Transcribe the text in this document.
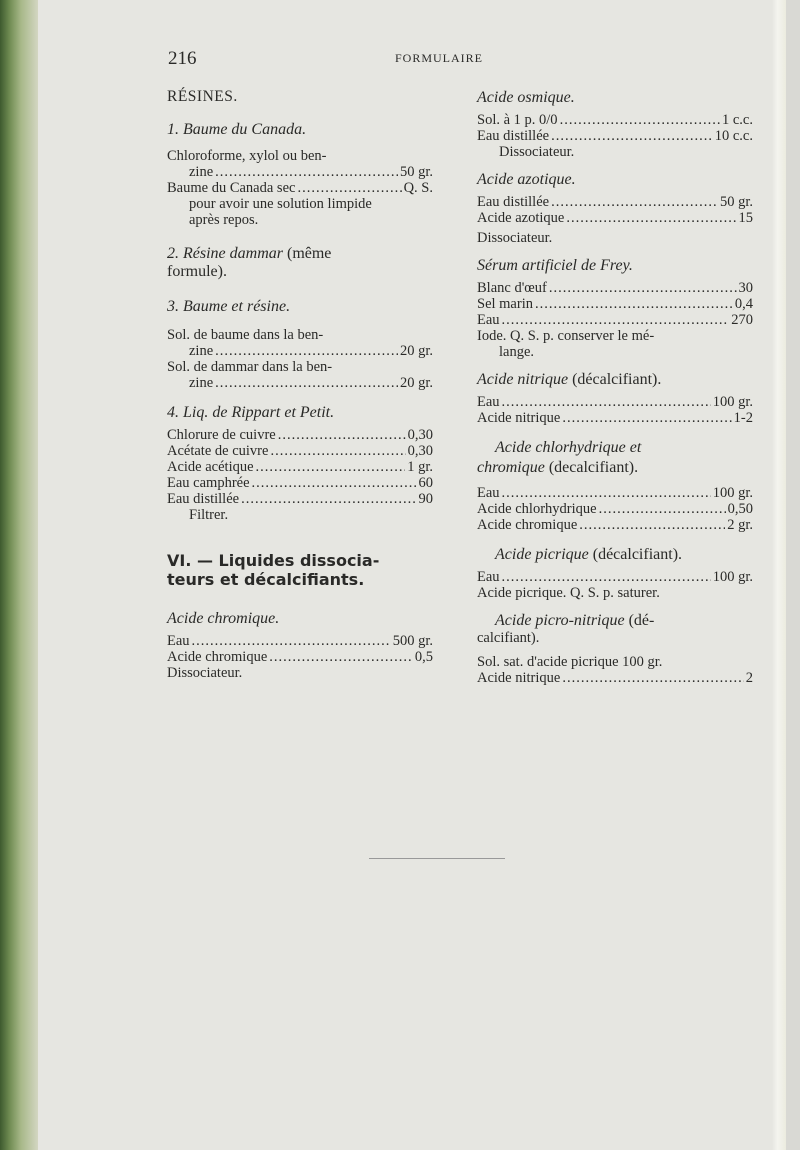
216	FORMULAIRE

RÉSINES.

1. Baume du Canada.

Chloroforme, xylol ou ben-

zine .....	50 gr.
Baume du Canada sec .....	Q. S.

pour avoir une solution limpide

après repos.

2. Résine dammar (même

formule).

3. Baume et résine.

Sol. de baume dans la ben-

zine .....	20 gr.

Sol. de dammar dans la ben-

zine .....	20 gr.

4. Liq. de Rippart et Petit.

Chlorure de cuivre .....	0,30
Acétate de cuivre .....	0,30
Acide acétique .....	1 gr.
Eau camphrée .....	60
Eau distillée .....	90

Filtrer.

VI. — Liquides dissocia-

teurs et décalcifiants.

Acide chromique.

Eau .....	500 gr.
Acide chromique .....	0,5

Dissociateur.

Acide osmique.

Sol. à 1 p. 0/0 .....	1 c.c.
Eau distillée .....	10 c.c.

Dissociateur.

Acide azotique.

Eau distillée .....	50 gr.
Acide azotique .....	15

Dissociateur.

Sérum artificiel de Frey.

Blanc d'œuf .....	30
Sel marin .....	0,4
Eau .....	270

Iode. Q. S. p. conserver le mé-

lange.

Acide nitrique (décalcifiant).

Eau .....	100 gr.
Acide nitrique .....	1-2

Acide chlorhydrique et

chromique (decalcifiant).

Eau .....	100 gr.
Acide chlorhydrique .....	0,50
Acide chromique .....	2 gr.

Acide picrique (décalcifiant).

Eau .....	100 gr.

Acide picrique. Q. S. p. saturer.

Acide picro-nitrique (dé-

calcifiant).

Sol. sat. d'acide picrique 100 gr.

Acide nitrique .....	2
